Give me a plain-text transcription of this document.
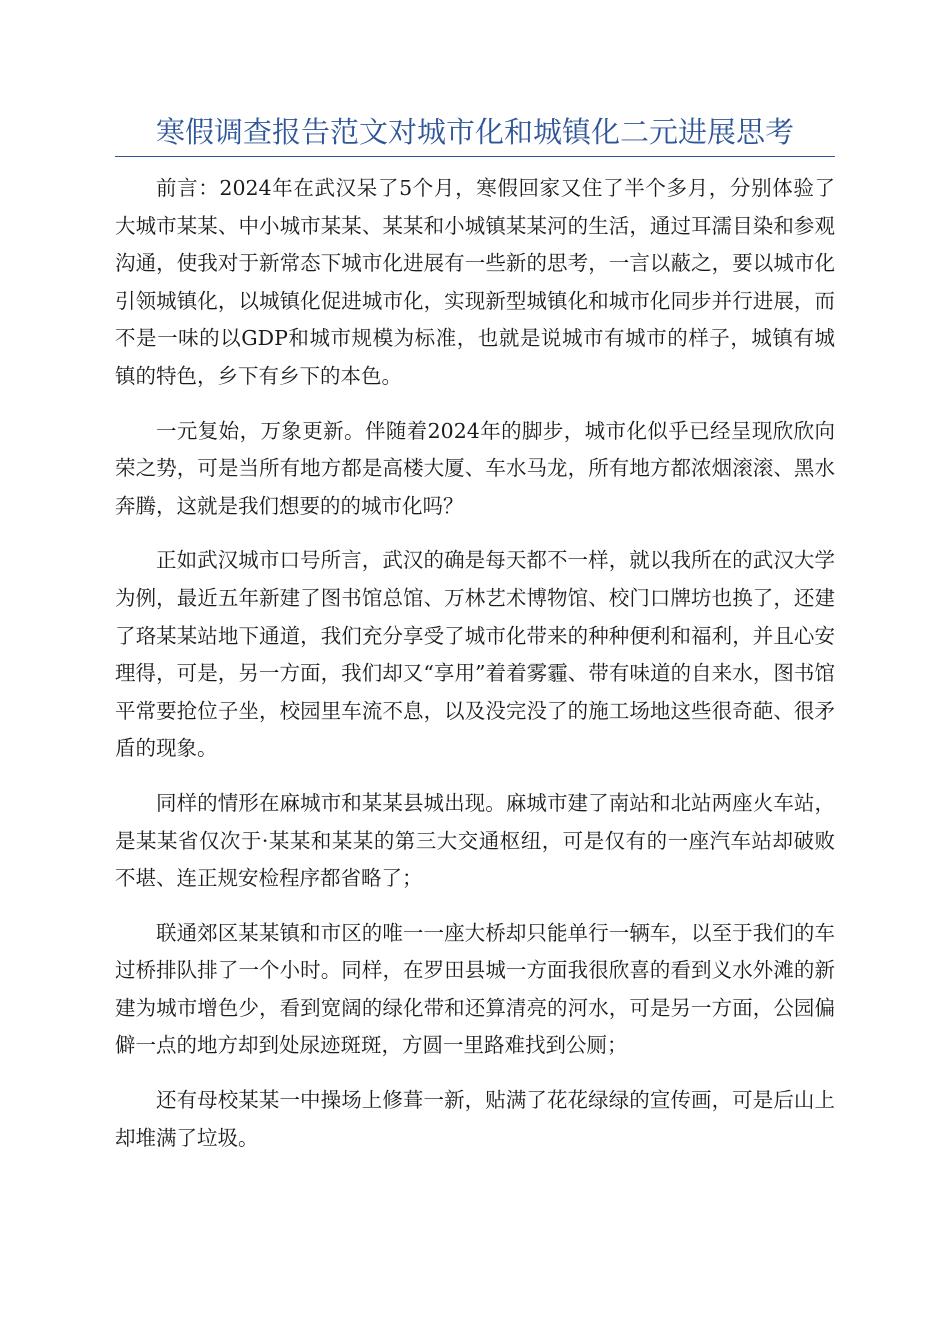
寒假调查报告范文对城市化和城镇化二元进展思考

前言：2024年在武汉呆了5个月，寒假回家又住了半个多月，分别体验了大城市某某、中小城市某某、某某和小城镇某某河的生活，通过耳濡目染和参观沟通，使我对于新常态下城市化进展有一些新的思考，一言以蔽之，要以城市化引领城镇化，以城镇化促进城市化，实现新型城镇化和城市化同步并行进展，而不是一味的以GDP和城市规模为标准，也就是说城市有城市的样子，城镇有城镇的特色，乡下有乡下的本色。

一元复始，万象更新。伴随着2024年的脚步，城市化似乎已经呈现欣欣向荣之势，可是当所有地方都是高楼大厦、车水马龙，所有地方都浓烟滚滚、黑水奔腾，这就是我们想要的的城市化吗？

正如武汉城市口号所言，武汉的确是每天都不一样，就以我所在的武汉大学为例，最近五年新建了图书馆总馆、万林艺术博物馆、校门口牌坊也换了，还建了珞某某站地下通道，我们充分享受了城市化带来的种种便利和福利，并且心安理得，可是，另一方面，我们却又“享用”着着雾霾、带有味道的自来水，图书馆平常要抢位子坐，校园里车流不息，以及没完没了的施工场地这些很奇葩、很矛盾的现象。

同样的情形在麻城市和某某县城出现。麻城市建了南站和北站两座火车站，是某某省仅次于·某某和某某的第三大交通枢纽，可是仅有的一座汽车站却破败不堪、连正规安检程序都省略了；

联通郊区某某镇和市区的唯一一座大桥却只能单行一辆车，以至于我们的车过桥排队排了一个小时。同样，在罗田县城一方面我很欣喜的看到义水外滩的新建为城市增色少，看到宽阔的绿化带和还算清亮的河水，可是另一方面，公园偏僻一点的地方却到处尿迹斑斑，方圆一里路难找到公厕；

还有母校某某一中操场上修葺一新，贴满了花花绿绿的宣传画，可是后山上却堆满了垃圾。
